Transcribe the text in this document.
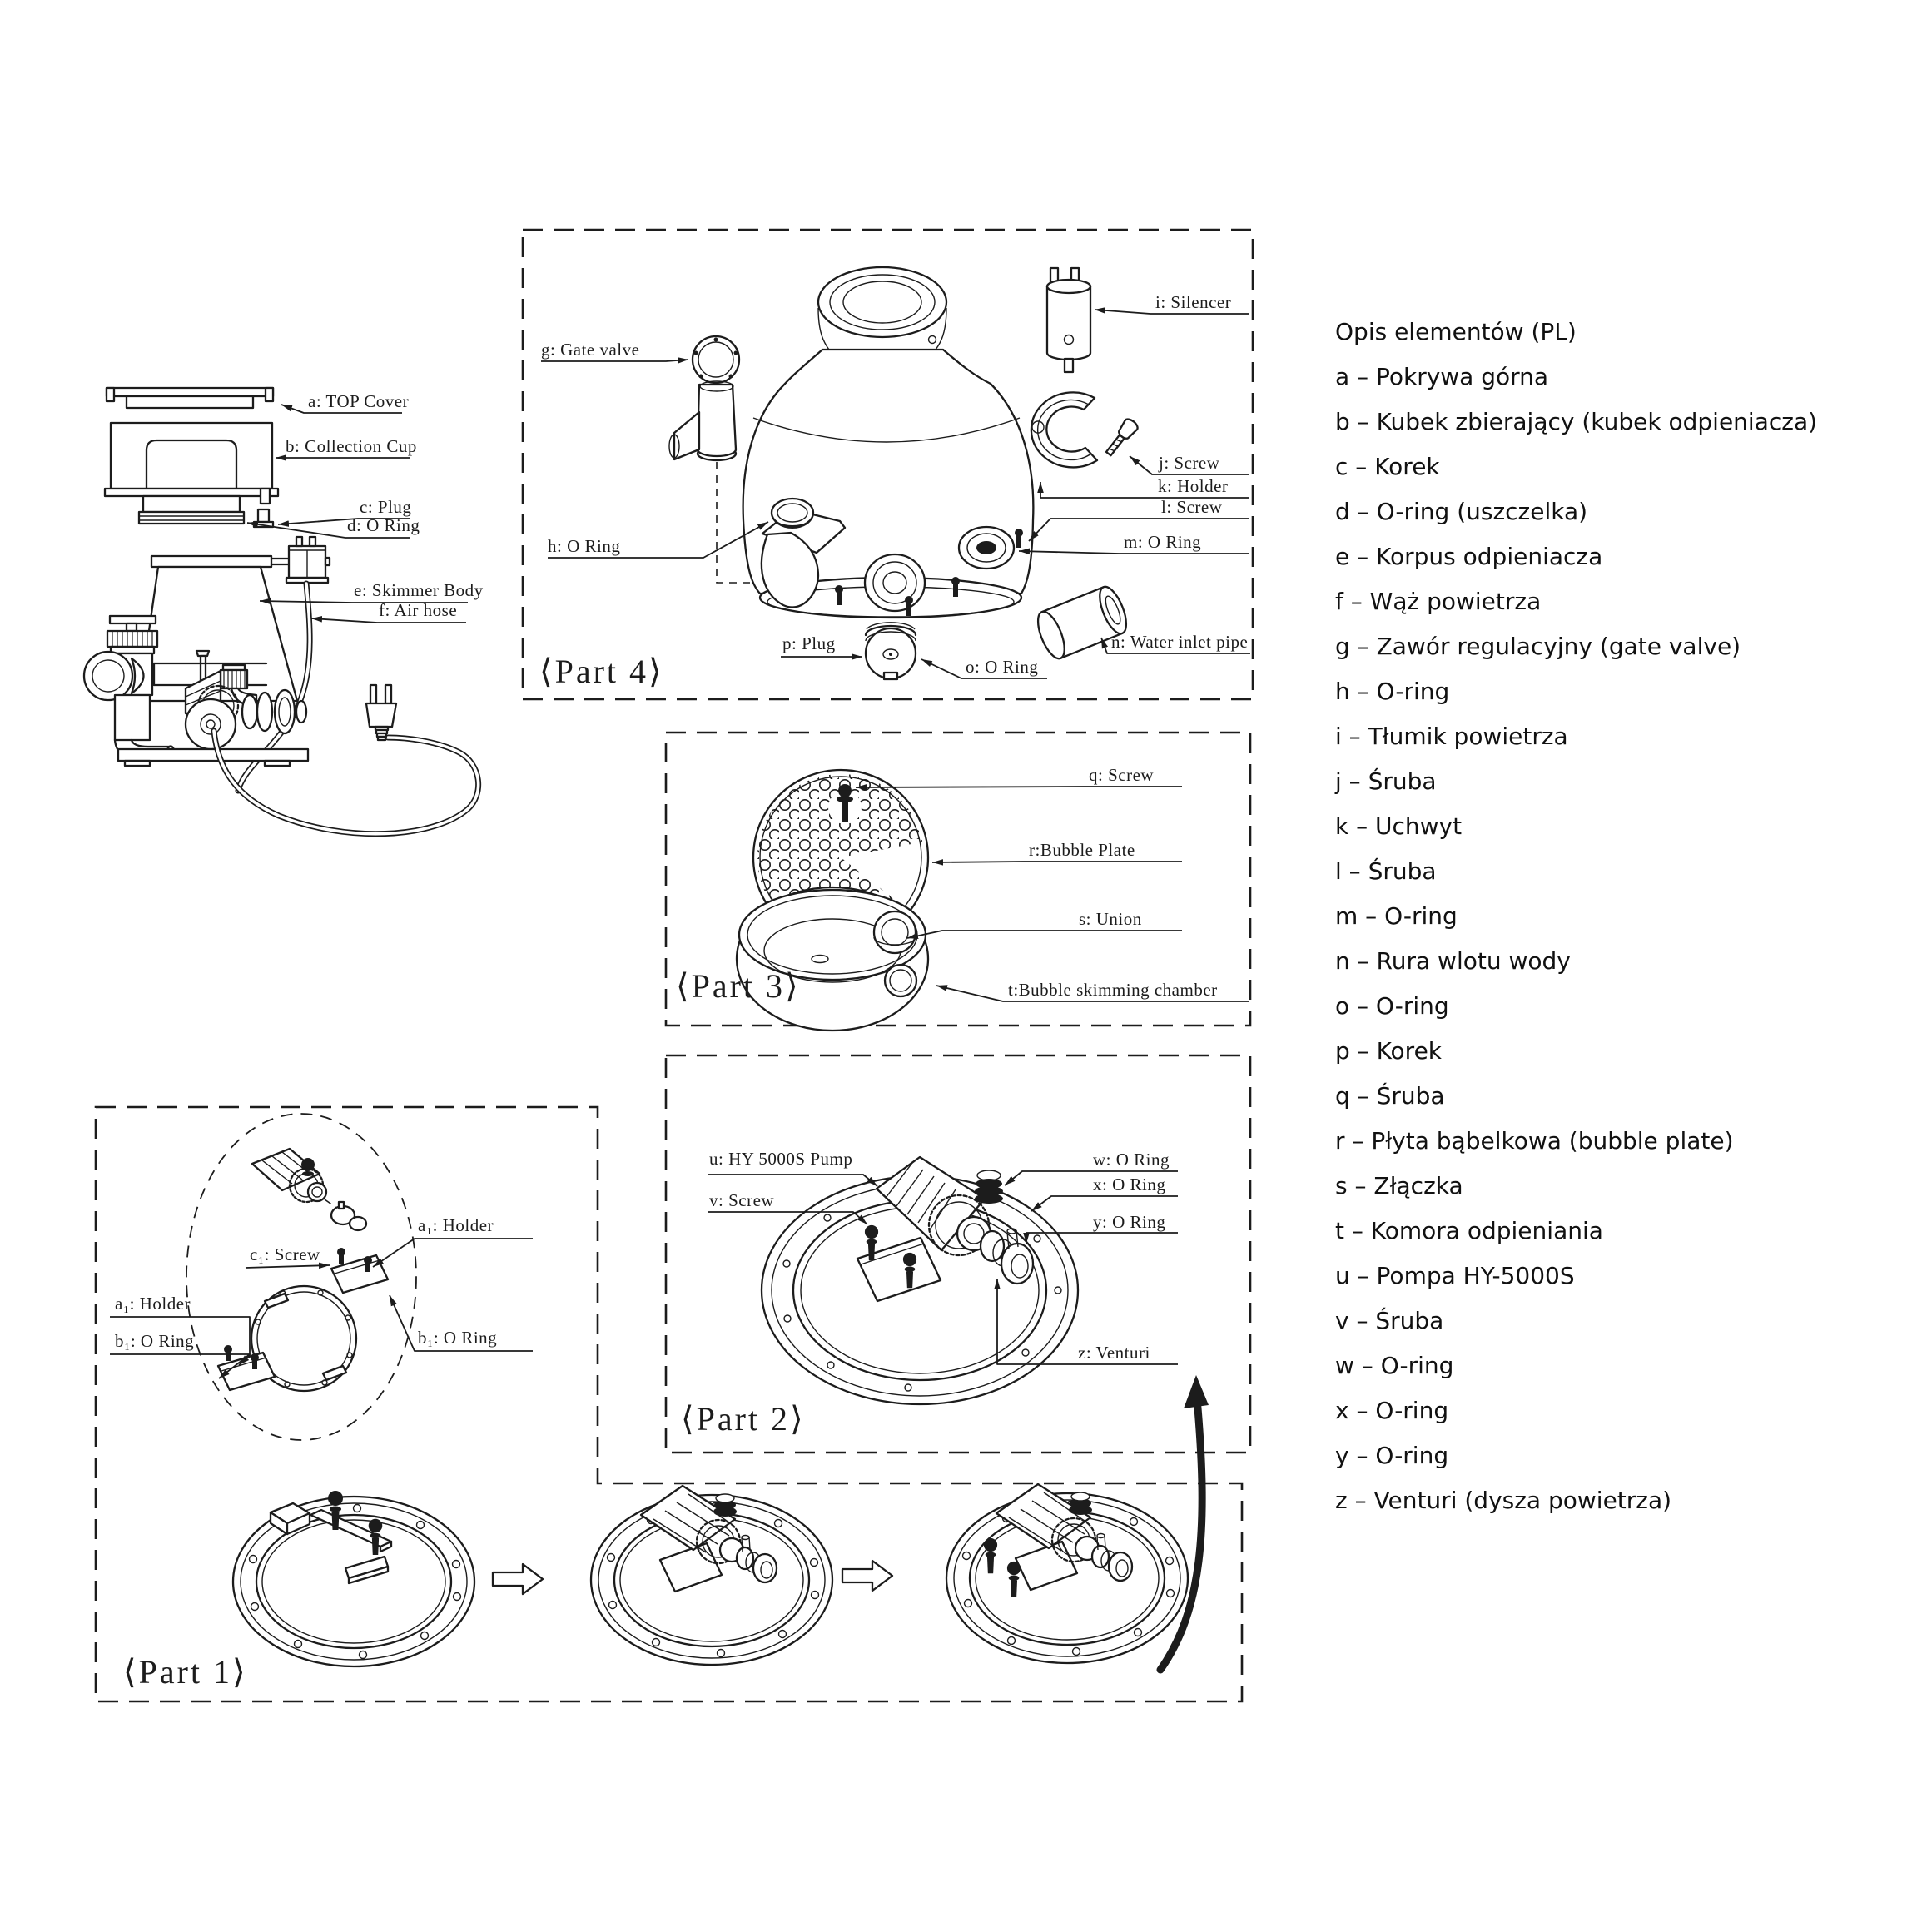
a: TOP Cover
b: Collection Cup
c: Plug
d: O Ring
e: Skimmer Body
f: Air hose
g: Gate valve
h: O Ring
i: Silencer
j: Screw
k: Holder
l: Screw
m: O Ring
n: Water inlet pipe
p: Plug
o: O Ring
⟨Part 4⟩
q: Screw
r:Bubble Plate
s: Union
t:Bubble skimming chamber
⟨Part 3⟩
u: HY 5000S Pump
v: Screw
w: O Ring
x: O Ring
y: O Ring
z: Venturi
⟨Part 2⟩
a₁: Holder
b₁: O Ring
c₁: Screw
a₁: Holder
b₁: O Ring
⟨Part 1⟩
Opis elementów (PL)
a – Pokrywa górna
b – Kubek zbierający (kubek odpieniacza)
c – Korek
d – O-ring (uszczelka)
e – Korpus odpieniacza
f – Wąż powietrza
g – Zawór regulacyjny (gate valve)
h – O-ring
i – Tłumik powietrza
j – Śruba
k – Uchwyt
l – Śruba
m – O-ring
n – Rura wlotu wody
o – O-ring
p – Korek
q – Śruba
r – Płyta bąbelkowa (bubble plate)
s – Złączka
t – Komora odpieniania
u – Pompa HY-5000S
v – Śruba
w – O-ring
x – O-ring
y – O-ring
z – Venturi (dysza powietrza)
